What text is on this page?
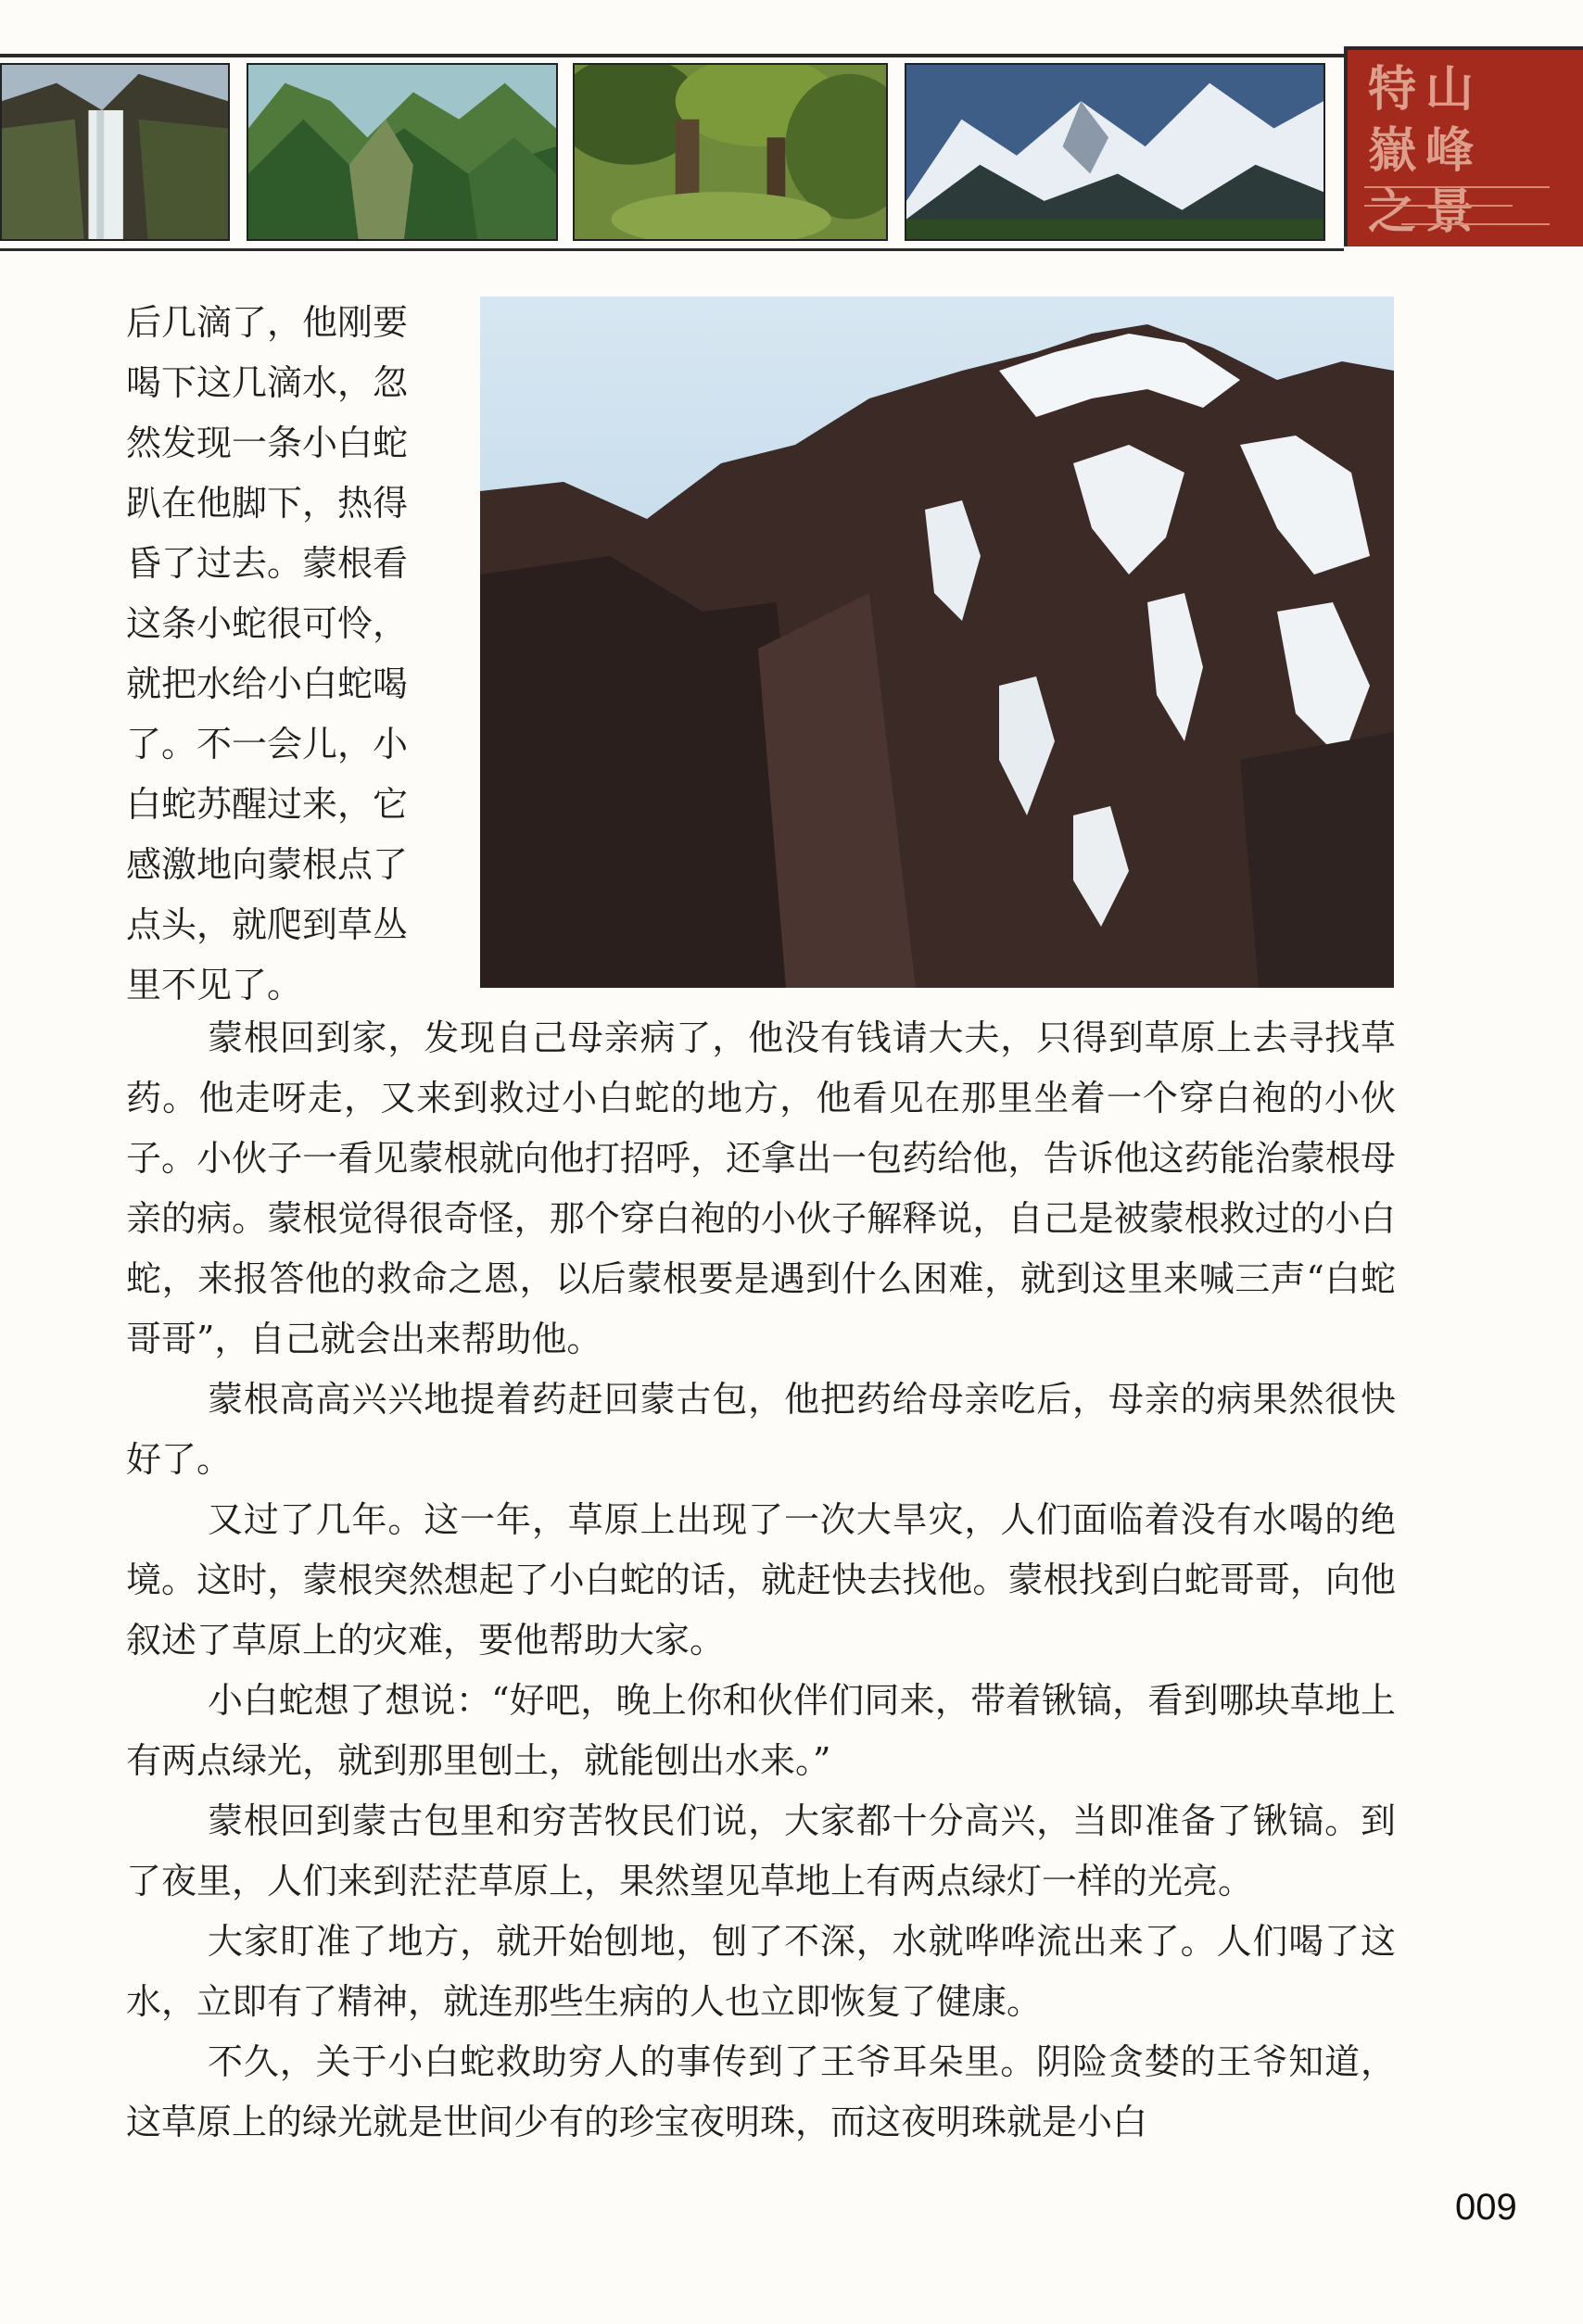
特山嶽峰之景
后几滴了，他刚要
喝下这几滴水，忽
然发现一条小白蛇
趴在他脚下，热得
昏了过去。蒙根看
这条小蛇很可怜，
就把水给小白蛇喝
了。不一会儿，小
白蛇苏醒过来，它
感激地向蒙根点了
点头，就爬到草丛
里不见了。

蒙根回到家，发现自己母亲病了，他没有钱请大夫，只得到草原上去寻找草药。他走呀走，又来到救过小白蛇的地方，他看见在那里坐着一个穿白袍的小伙子。小伙子一看见蒙根就向他打招呼，还拿出一包药给他，告诉他这药能治蒙根母亲的病。蒙根觉得很奇怪，那个穿白袍的小伙子解释说，自己是被蒙根救过的小白蛇，来报答他的救命之恩，以后蒙根要是遇到什么困难，就到这里来喊三声“白蛇哥哥”，自己就会出来帮助他。

蒙根高高兴兴地提着药赶回蒙古包，他把药给母亲吃后，母亲的病果然很快好了。

又过了几年。这一年，草原上出现了一次大旱灾，人们面临着没有水喝的绝境。这时，蒙根突然想起了小白蛇的话，就赶快去找他。蒙根找到白蛇哥哥，向他叙述了草原上的灾难，要他帮助大家。

小白蛇想了想说：“好吧，晚上你和伙伴们同来，带着锹镐，看到哪块草地上有两点绿光，就到那里刨土，就能刨出水来。”

蒙根回到蒙古包里和穷苦牧民们说，大家都十分高兴，当即准备了锹镐。到了夜里，人们来到茫茫草原上，果然望见草地上有两点绿灯一样的光亮。

大家盯准了地方，就开始刨地，刨了不深，水就哗哗流出来了。人们喝了这水，立即有了精神，就连那些生病的人也立即恢复了健康。

不久，关于小白蛇救助穷人的事传到了王爷耳朵里。阴险贪婪的王爷知道，这草原上的绿光就是世间少有的珍宝夜明珠，而这夜明珠就是小白

009
